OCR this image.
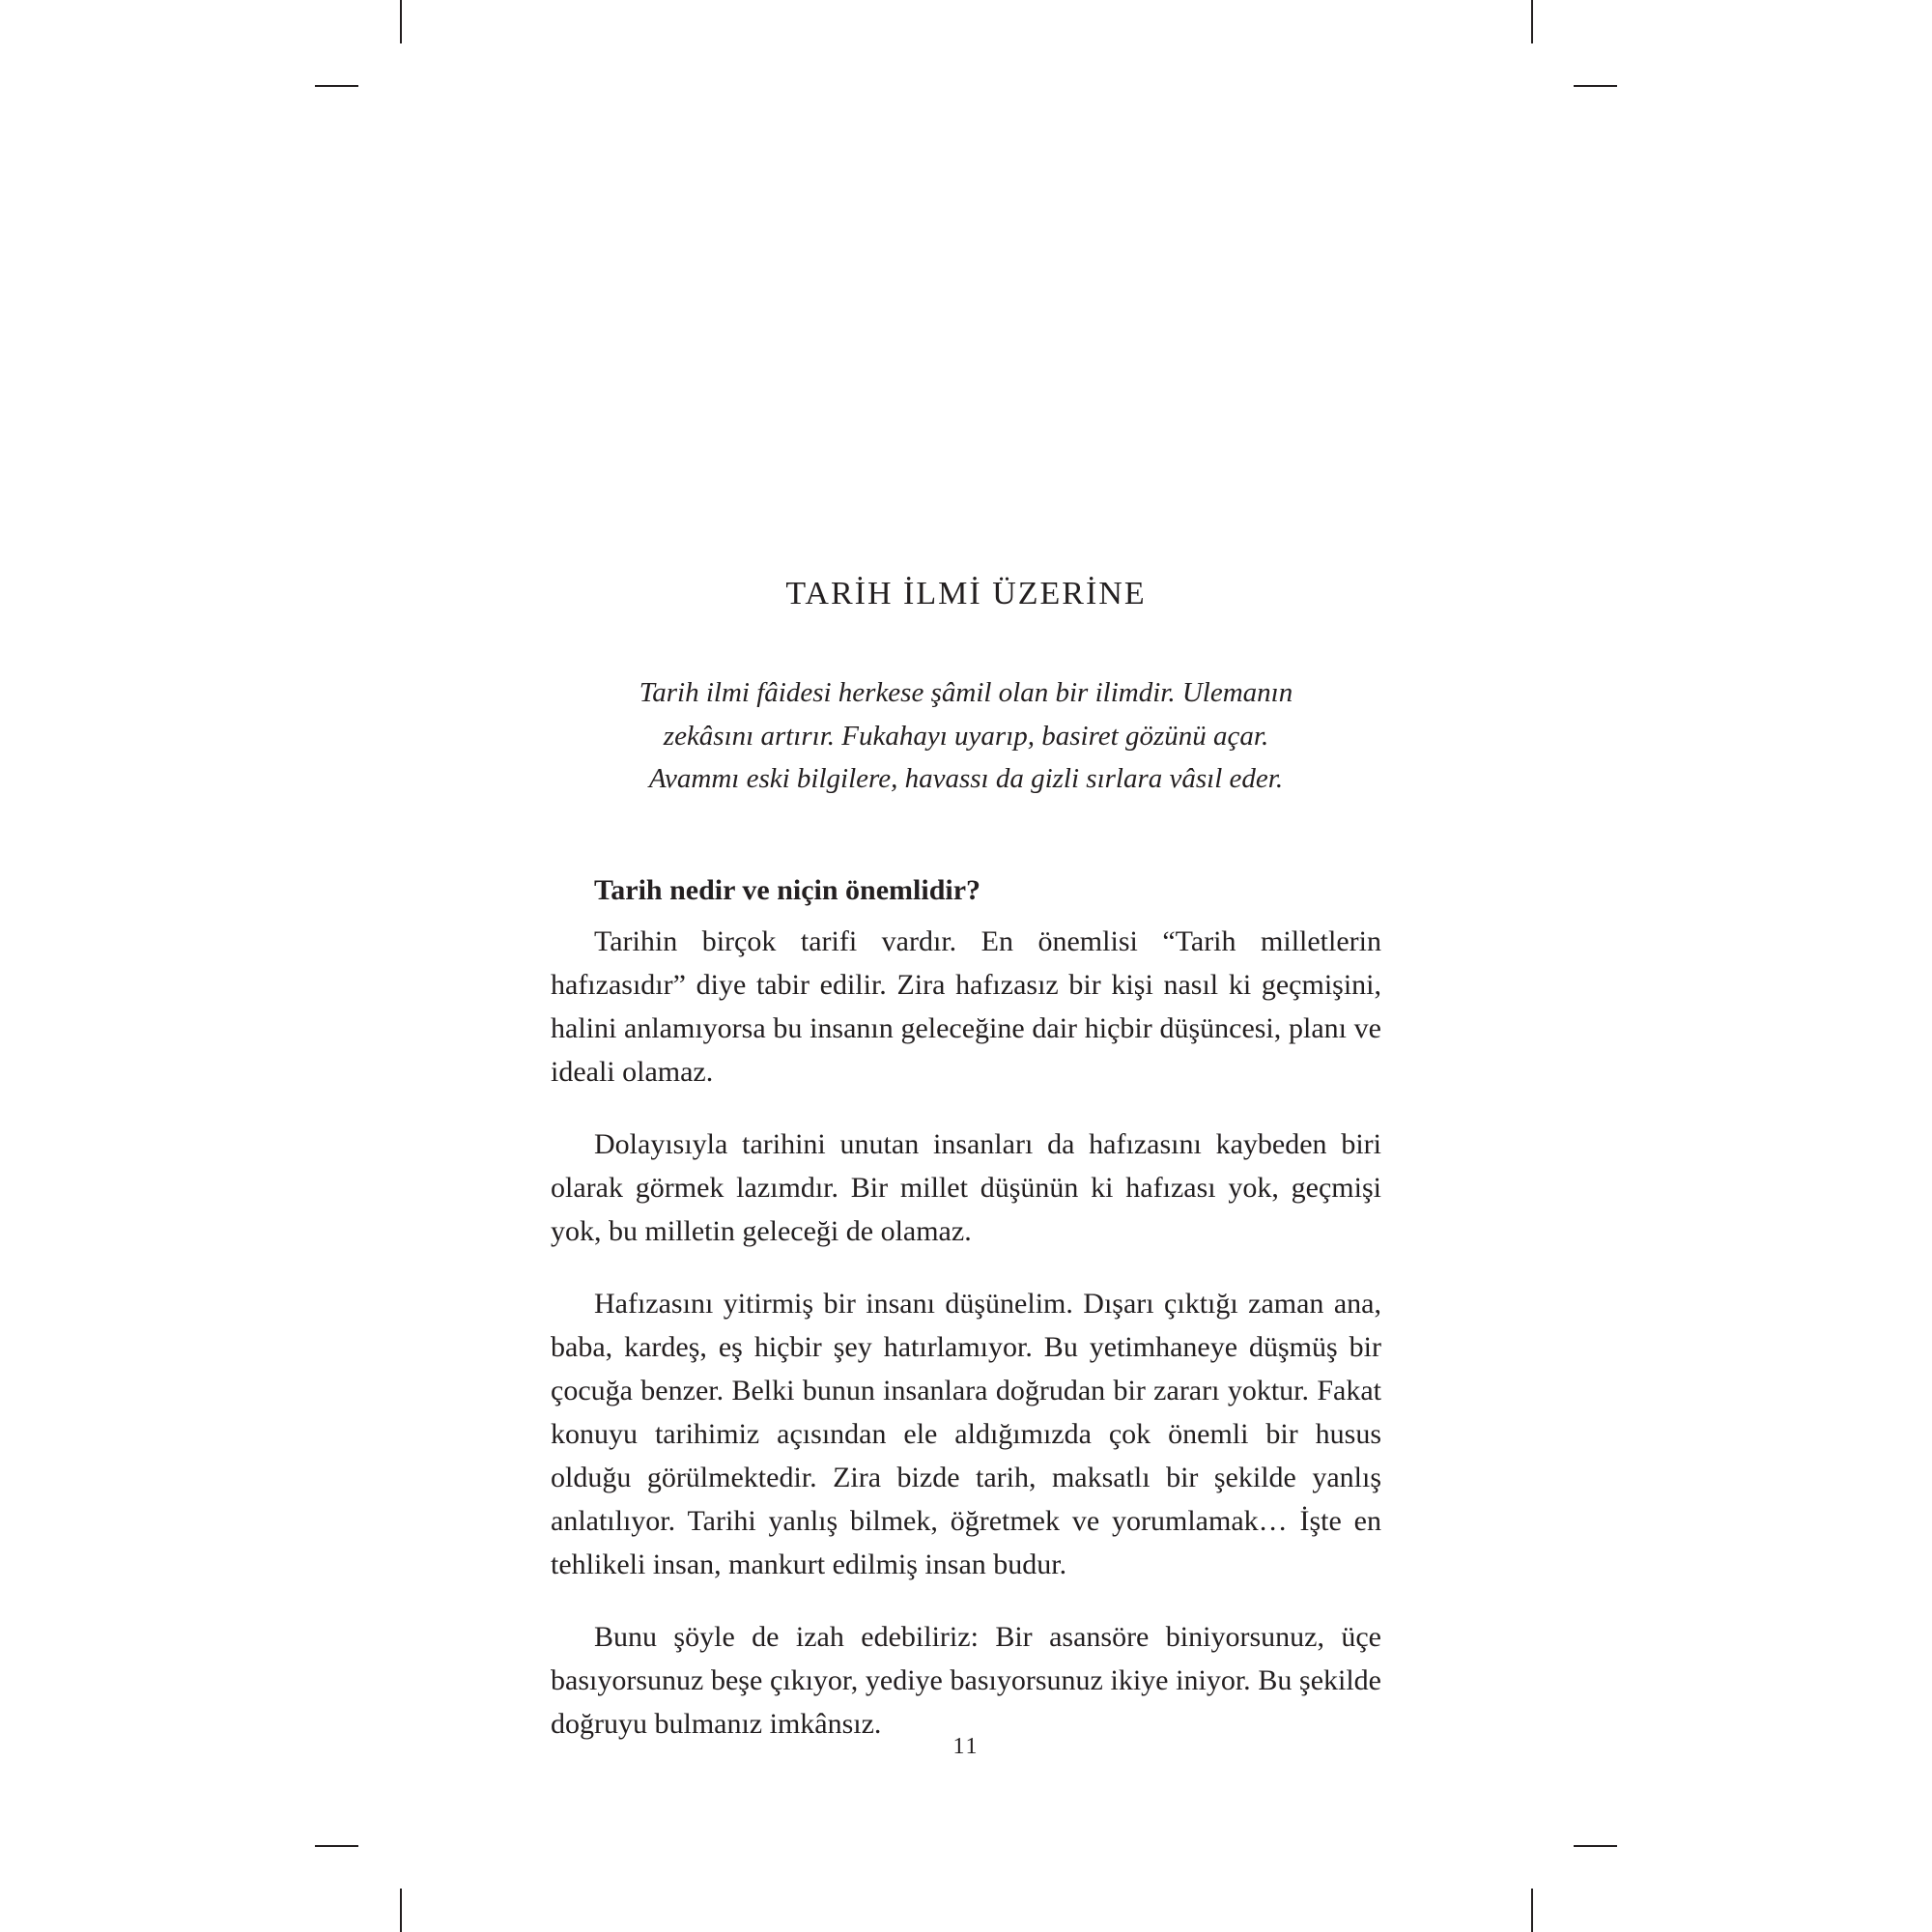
TARİH İLMİ ÜZERİNE
Tarih ilmi fâidesi herkese şâmil olan bir ilimdir. Ulemanın zekâsını artırır. Fukahayı uyarıp, basiret gözünü açar. Avammı eski bilgilere, havassı da gizli sırlara vâsıl eder.
Tarih nedir ve niçin önemlidir?

Tarihin birçok tarifi vardır. En önemlisi “Tarih milletlerin hafızasıdır” diye tabir edilir. Zira hafızasız bir kişi nasıl ki geçmişini, halini anlamıyorsa bu insanın geleceğine dair hiçbir düşüncesi, planı ve ideali olamaz.

Dolayısıyla tarihini unutan insanları da hafızasını kaybeden biri olarak görmek lazımdır. Bir millet düşünün ki hafızası yok, geçmişi yok, bu milletin geleceği de olamaz.

Hafızasını yitirmiş bir insanı düşünelim. Dışarı çıktığı zaman ana, baba, kardeş, eş hiçbir şey hatırlamıyor. Bu yetimhaneye düşmüş bir çocuğa benzer. Belki bunun insanlara doğrudan bir zararı yoktur. Fakat konuyu tarihimiz açısından ele aldığımızda çok önemli bir husus olduğu görülmektedir. Zira bizde tarih, maksatlı bir şekilde yanlış anlatılıyor. Tarihi yanlış bilmek, öğretmek ve yorumlamak… İşte en tehlikeli insan, mankurt edilmiş insan budur.

Bunu şöyle de izah edebiliriz: Bir asansöre biniyorsunuz, üçe basıyorsunuz beşe çıkıyor, yediye basıyorsunuz ikiye iniyor. Bu şekilde doğruyu bulmanız imkânsız.

11
